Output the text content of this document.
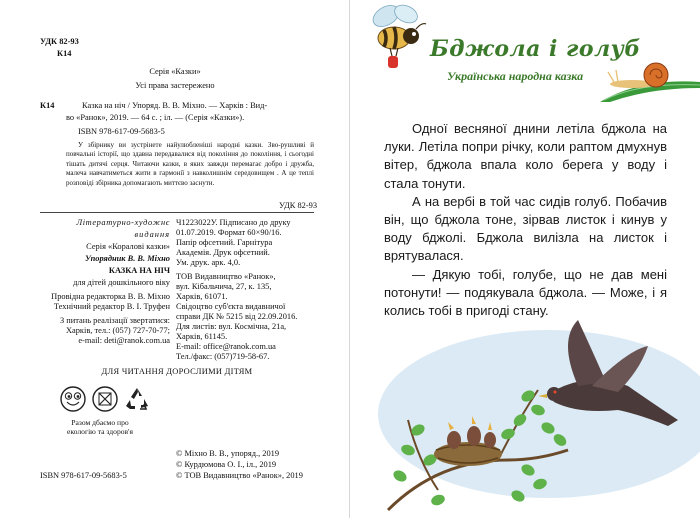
УДК 82-93
К14
Серія «Казки»
Усі права застережено
К14	Казка на ніч / Упоряд. В. В. Міхно. — Харків : Вид-
во «Ранок», 2019. — 64 с. ; іл. — (Серія «Казки»).
ISBN 978-617-09-5683-5
У збірнику ви зустрінете найулюбленіші народні казки. Зво-рушливі й повчальні історії, що здавна передавалися від покоління до покоління, і сьогодні тішать дитячі серця. Читаючи казки, в яких завжди перемагає добро і дружба, малеча навчатиметься жити в гармонії з навколишнім середовищем . А це теплі розповіді збірника допомагають миттєво заснути.
УДК 82-93
Літературно-художнє
видання
Серія «Коралові казки»
Упорядник В. В. Міхно
КАЗКА НА НІЧ
для дітей дошкільного віку
Провідна редакторка В. В. Міхно
Технічний редактор В. І. Труфен
З питань реалізації звертатися:
Харків, тел.: (057) 727-70-77;
e-mail: deti@ranok.com.ua
Ч1223022У. Підписано до друку
01.07.2019. Формат 60×90/16.
Папір офсетний. Гарнітура
Академія. Друк офсетний.
Ум. друк. арк. 4,0.
ТОВ Видавництво «Ранок»,
вул. Кібальчича, 27, к. 135,
Харків, 61071.
Свідоцтво суб'єкта видавничої
справи ДК № 5215 від 22.09.2016.
Для листів: вул. Космічна, 21а,
Харків, 61145.
E-mail: office@ranok.com.ua
Тел./факс: (057)719-58-67.
ДЛЯ ЧИТАННЯ ДОРОСЛИМИ ДІТЯМ
Разом дбаємо про
екологію та здоров'я
© Міхно В. В., упоряд., 2019
© Курдюмова О. І., іл., 2019
© ТОВ Видавництво «Ранок», 2019
ISBN 978-617-09-5683-5
Бджола і голуб
Українська народна казка

Одної весняної днини летіла бджола на луки. Летіла попри річку, коли раптом дмухнув вітер, бджола впала коло берега у воду і стала тонути.

А на вербі в той час сидів голуб. Побачив він, що бджола тоне, зірвав листок і кинув у воду бджолі. Бджола вилізла на листок і врятувалася.

— Дякую тобі, голубе, що не дав мені потонути! — подякувала бджола. — Може, і я колись тобі в пригоді стану.
